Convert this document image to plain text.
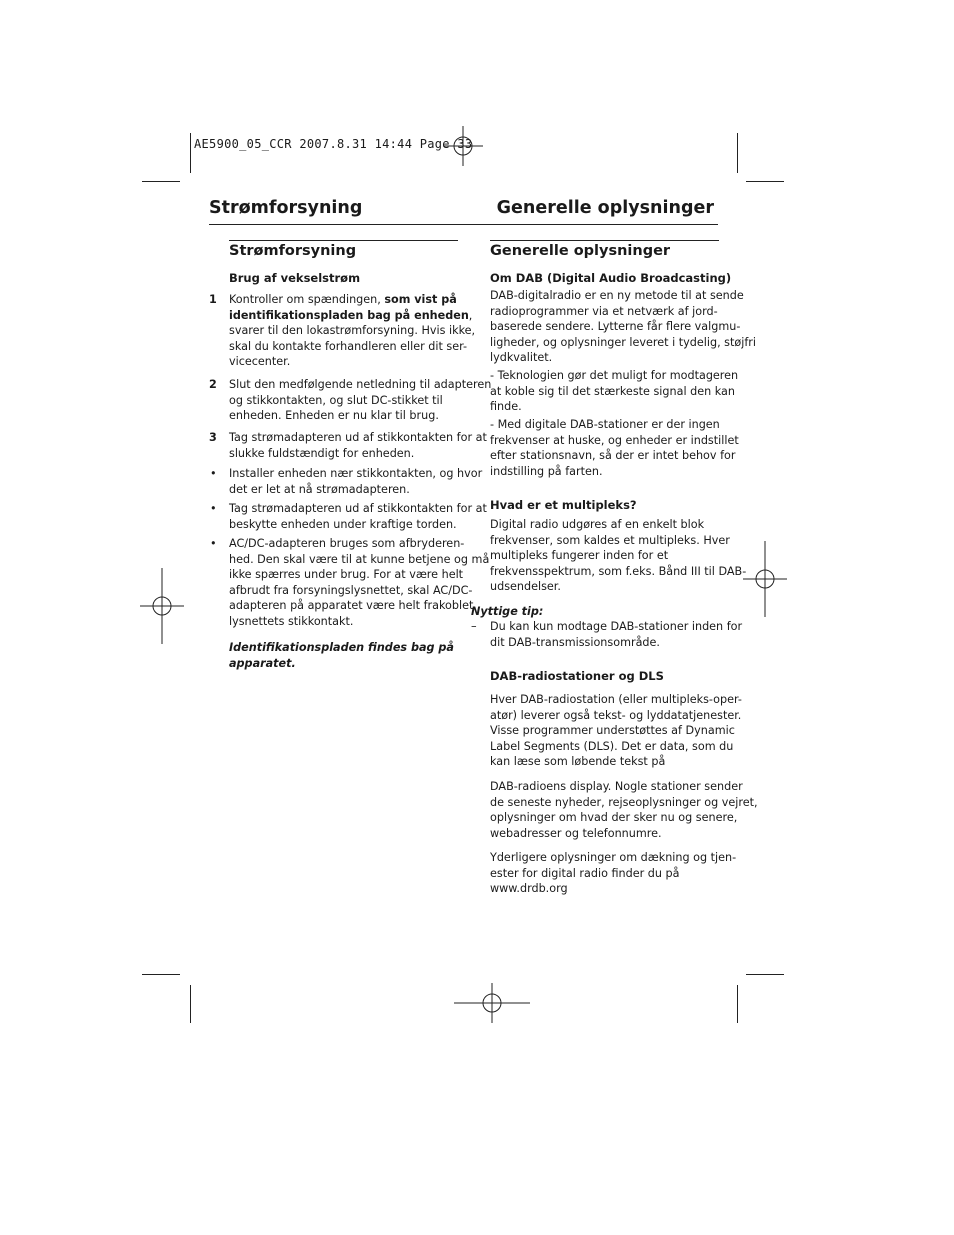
AE5900_05_CCR 2007.8.31 14:44 Page 33
Strømforsyning	Generelle oplysninger
Strømforsyning
Brug af vekselstrøm
1 Kontroller om spændingen, som vist på
identifikationspladen bag på enheden,
svarer til den lokastrømforsyning. Hvis ikke,
skal du kontakte forhandleren eller dit ser-
vicecenter.
2 Slut den medfølgende netledning til adapteren
og stikkontakten, og slut DC-stikket til
enheden. Enheden er nu klar til brug.
3 Tag strømadapteren ud af stikkontakten for at
slukke fuldstændigt for enheden.
• Installer enheden nær stikkontakten, og hvor
det er let at nå strømadapteren.
• Tag strømadapteren ud af stikkontakten for at
beskytte enheden under kraftige torden.
• AC/DC-adapteren bruges som afbryderen-
hed. Den skal være til at kunne betjene og må
ikke spærres under brug. For at være helt
afbrudt fra forsyningslysnettet, skal AC/DC-
adapteren på apparatet være helt frakoblet
lysnettets stikkontakt.
Identifikationspladen findes bag på
apparatet.
Generelle oplysninger
Om DAB (Digital Audio Broadcasting)
DAB-digitalradio er en ny metode til at sende
radioprogrammer via et netværk af jord-
baserede sendere. Lytterne får flere valgmu-
ligheder, og oplysninger leveret i tydelig, støjfri
lydkvalitet.
- Teknologien gør det muligt for modtageren
at koble sig til det stærkeste signal den kan
finde.
- Med digitale DAB-stationer er der ingen
frekvenser at huske, og enheder er indstillet
efter stationsnavn, så der er intet behov for
indstilling på farten.
Hvad er et multipleks?
Digital radio udgøres af en enkelt blok
frekvenser, som kaldes et multipleks. Hver
multipleks fungerer inden for et
frekvensspektrum, som f.eks. Bånd III til DAB-
udsendelser.
Nyttige tip:
– Du kan kun modtage DAB-stationer inden for
dit DAB-transmissionsområde.
DAB-radiostationer og DLS
Hver DAB-radiostation (eller multipleks-oper-
atør) leverer også tekst- og lyddatatjenester.
Visse programmer understøttes af Dynamic
Label Segments (DLS). Det er data, som du
kan læse som løbende tekst på
DAB-radioens display. Nogle stationer sender
de seneste nyheder, rejseoplysninger og vejret,
oplysninger om hvad der sker nu og senere,
webadresser og telefonnumre.
Yderligere oplysninger om dækning og tjen-
ester for digital radio finder du på
www.drdb.org
